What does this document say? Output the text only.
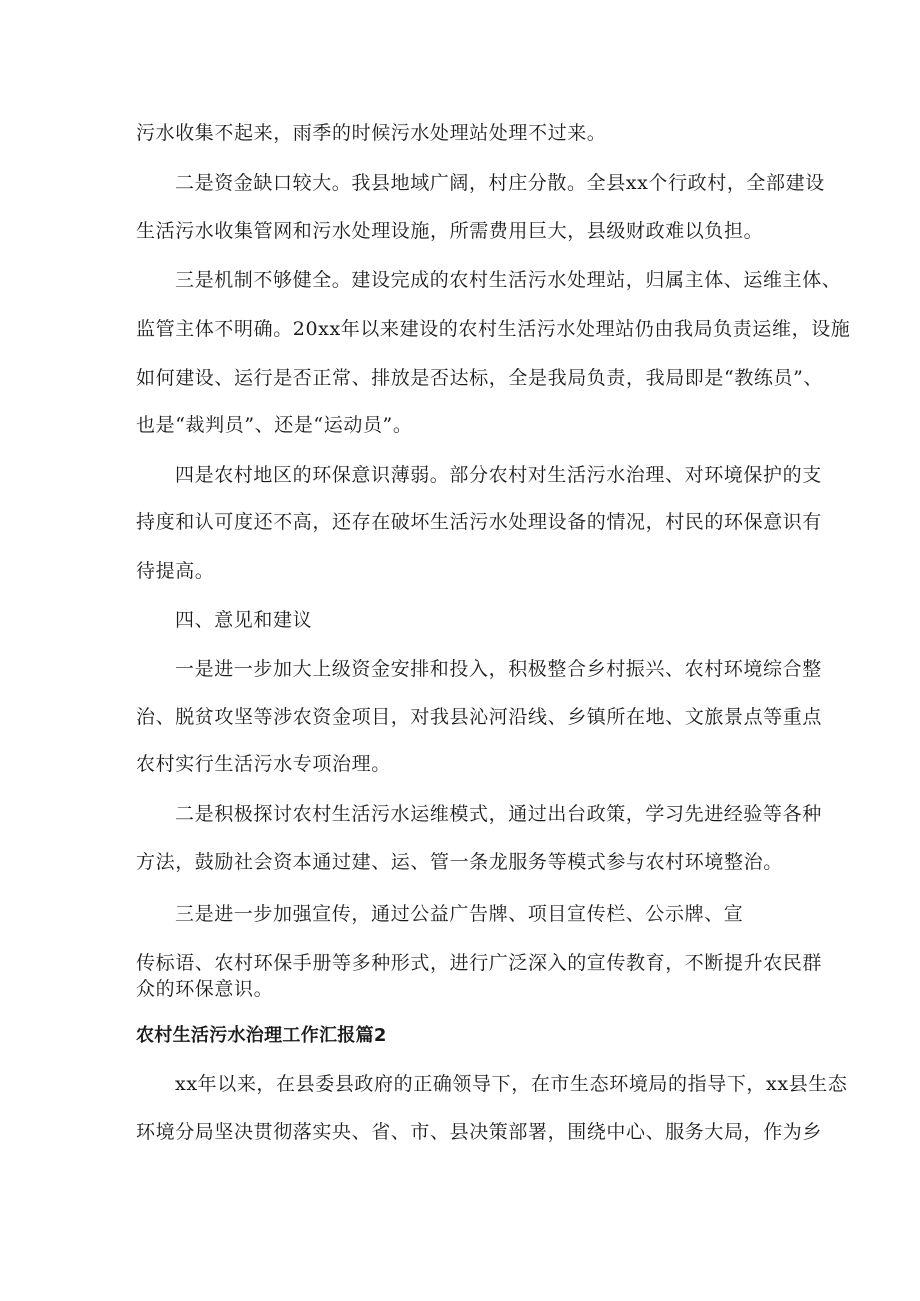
污水收集不起来，雨季的时候污水处理站处理不过来。
二是资金缺口较大。我县地域广阔，村庄分散。全县xx个行政村，全部建设
生活污水收集管网和污水处理设施，所需费用巨大，县级财政难以负担。
三是机制不够健全。建设完成的农村生活污水处理站，归属主体、运维主体、
监管主体不明确。20xx年以来建设的农村生活污水处理站仍由我局负责运维，设施
如何建设、运行是否正常、排放是否达标，全是我局负责，我局即是“教练员”、
也是“裁判员”、还是“运动员”。
四是农村地区的环保意识薄弱。部分农村对生活污水治理、对环境保护的支
持度和认可度还不高，还存在破坏生活污水处理设备的情况，村民的环保意识有
待提高。
四、意见和建议
一是进一步加大上级资金安排和投入，积极整合乡村振兴、农村环境综合整
治、脱贫攻坚等涉农资金项目，对我县沁河沿线、乡镇所在地、文旅景点等重点
农村实行生活污水专项治理。
二是积极探讨农村生活污水运维模式，通过出台政策，学习先进经验等各种
方法，鼓励社会资本通过建、运、管一条龙服务等模式参与农村环境整治。
三是进一步加强宣传，通过公益广告牌、项目宣传栏、公示牌、宣
传标语、农村环保手册等多种形式，进行广泛深入的宣传教育，不断提升农民群
众的环保意识。
农村生活污水治理工作汇报篇2
xx年以来，在县委县政府的正确领导下，在市生态环境局的指导下，xx县生态
环境分局坚决贯彻落实央、省、市、县决策部署，围绕中心、服务大局，作为乡
